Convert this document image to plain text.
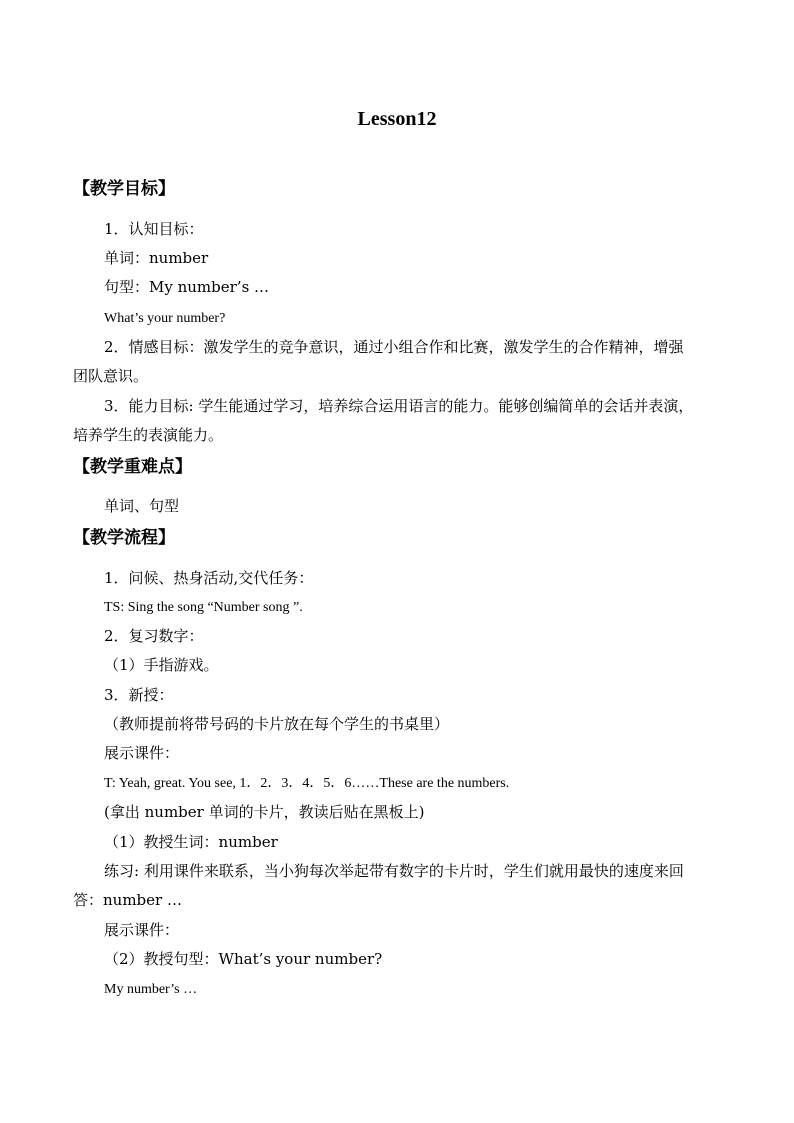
Lesson12
【教学目标】
1．认知目标：
单词：number
句型：My number’s …
What’s your number?
2．情感目标：激发学生的竞争意识，通过小组合作和比赛，激发学生的合作精神，增强
团队意识。
3．能力目标: 学生能通过学习，培养综合运用语言的能力。能够创编简单的会话并表演，
培养学生的表演能力。
【教学重难点】
单词、句型
【教学流程】
1．问候、热身活动,交代任务：
TS: Sing the song “Number song ”.
2．复习数字：
（1）手指游戏。
3．新授：
（教师提前将带号码的卡片放在每个学生的书桌里）
展示课件：
T: Yeah, great. You see, 1．2．3．4．5．6……These are the numbers.
(拿出 number 单词的卡片，教读后贴在黑板上)
（1）教授生词：number
练习: 利用课件来联系，当小狗每次举起带有数字的卡片时，学生们就用最快的速度来回
答：number …
展示课件：
（2）教授句型：What’s your number?
My number’s …
